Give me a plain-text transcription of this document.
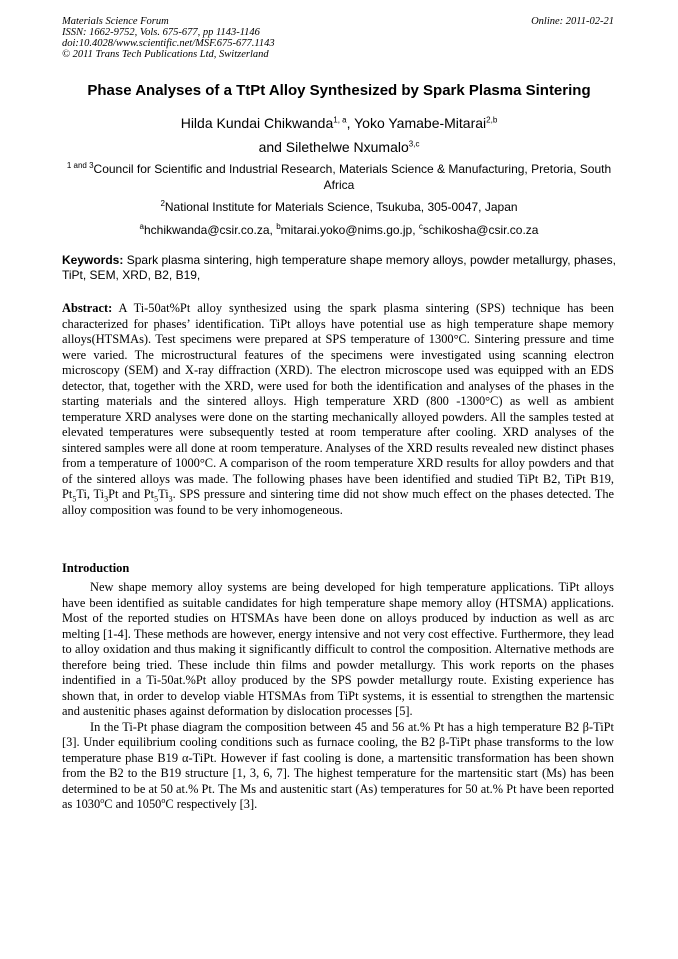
Materials Science Forum
ISSN: 1662-9752, Vols. 675-677, pp 1143-1146
doi:10.4028/www.scientific.net/MSF.675-677.1143
© 2011 Trans Tech Publications Ltd, Switzerland
Online: 2011-02-21
Phase Analyses of a TtPt Alloy Synthesized by Spark Plasma Sintering
Hilda Kundai Chikwanda$^{1, a}$, Yoko Yamabe-Mitarai$^{2,b}$
and Silethelwe Nxumalo$^{3,c}$
$^{1 and 3}$Council for Scientific and Industrial Research, Materials Science & Manufacturing, Pretoria, South Africa
$^2$National Institute for Materials Science, Tsukuba, 305-0047, Japan
$^a$hchikwanda@csir.co.za, $^b$mitarai.yoko@nims.go.jp, $^c$schikosha@csir.co.za
Keywords: Spark plasma sintering, high temperature shape memory alloys, powder metallurgy, phases, TiPt, SEM, XRD, B2, B19,
Abstract: A Ti-50at%Pt alloy synthesized using the spark plasma sintering (SPS) technique has been characterized for phases’ identification. TiPt alloys have potential use as high temperature shape memory alloys(HTSMAs). Test specimens were prepared at SPS temperature of 1300°C. Sintering pressure and time were varied. The microstructural features of the specimens were investigated using scanning electron microscopy (SEM) and X-ray diffraction (XRD). The electron microscope used was equipped with an EDS detector, that, together with the XRD, were used for both the identification and analyses of the phases in the starting materials and the sintered alloys. High temperature XRD (800 -1300°C) as well as ambient temperature XRD analyses were done on the starting mechanically alloyed powders. All the samples tested at elevated temperatures were subsequently tested at room temperature after cooling. XRD analyses of the sintered samples were all done at room temperature. Analyses of the XRD results revealed new distinct phases from a temperature of 1000°C. A comparison of the room temperature XRD results for alloy powders and that of the sintered alloys was made. The following phases have been identified and studied TiPt B2, TiPt B19, $Pt_5Ti$, $Ti_3Pt$ and $Pt_5Ti_3$. SPS pressure and sintering time did not show much effect on the phases detected. The alloy composition was found to be very inhomogeneous.
Introduction

New shape memory alloy systems are being developed for high temperature applications. TiPt alloys have been identified as suitable candidates for high temperature shape memory alloy (HTSMA) applications. Most of the reported studies on HTSMAs have been done on alloys produced by induction as well as arc melting [1-4]. These methods are however, energy intensive and not very cost effective. Furthermore, they lead to alloy oxidation and thus making it significantly difficult to control the composition. Alternative methods are therefore being tried. These include thin films and powder metallurgy. This work reports on the phases indentified in a Ti-50at.%Pt alloy produced by the SPS powder metallurgy route. Existing experience has shown that, in order to develop viable HTSMAs from TiPt systems, it is essential to strengthen the martensic and austenitic phases against deformation by dislocation processes [5].

In the Ti-Pt phase diagram the composition between 45 and 56 at.% Pt has a high temperature B2 β-TiPt [3]. Under equilibrium cooling conditions such as furnace cooling, the B2 β-TiPt phase transforms to the low temperature phase B19 α-TiPt. However if fast cooling is done, a martensitic transformation has been shown from the B2 to the B19 structure [1, 3, 6, 7]. The highest temperature for the martensitic start (Ms) has been determined to be at 50 at.% Pt. The Ms and austenitic start (As) temperatures for 50 at.% Pt have been reported as 1030$^o$C and 1050$^o$C respectively [3].
